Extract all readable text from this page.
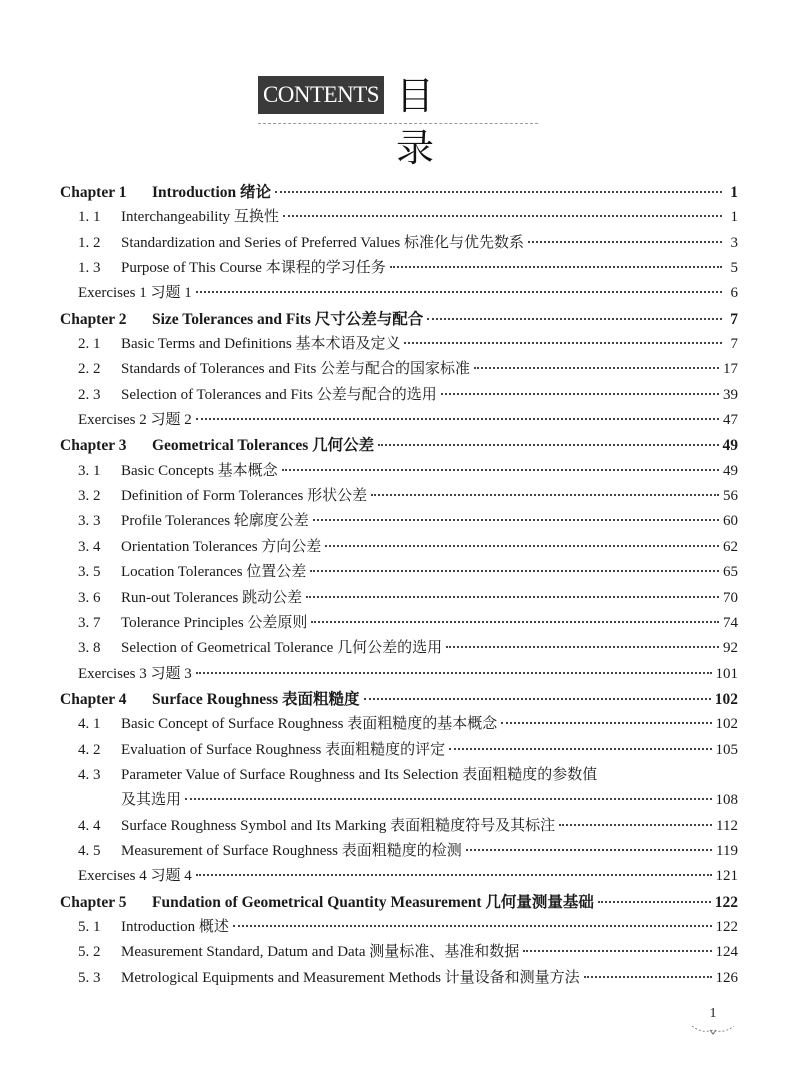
CONTENTS 目录
Chapter 1	Introduction 绪论	1
1. 1	Interchangeability 互换性	1
1. 2	Standardization and Series of Preferred Values 标准化与优先数系	3
1. 3	Purpose of This Course 本课程的学习任务	5
Exercises 1 习题 1	6
Chapter 2	Size Tolerances and Fits 尺寸公差与配合	7
2. 1	Basic Terms and Definitions 基本术语及定义	7
2. 2	Standards of Tolerances and Fits 公差与配合的国家标准	17
2. 3	Selection of Tolerances and Fits 公差与配合的选用	39
Exercises 2 习题 2	47
Chapter 3	Geometrical Tolerances 几何公差	49
3. 1	Basic Concepts 基本概念	49
3. 2	Definition of Form Tolerances 形状公差	56
3. 3	Profile Tolerances 轮廓度公差	60
3. 4	Orientation Tolerances 方向公差	62
3. 5	Location Tolerances 位置公差	65
3. 6	Run-out Tolerances 跳动公差	70
3. 7	Tolerance Principles 公差原则	74
3. 8	Selection of Geometrical Tolerance 几何公差的选用	92
Exercises 3 习题 3	101
Chapter 4	Surface Roughness 表面粗糙度	102
4. 1	Basic Concept of Surface Roughness 表面粗糙度的基本概念	102
4. 2	Evaluation of Surface Roughness 表面粗糙度的评定	105
4. 3	Parameter Value of Surface Roughness and Its Selection 表面粗糙度的参数值
及其选用	108
4. 4	Surface Roughness Symbol and Its Marking 表面粗糙度符号及其标注	112
4. 5	Measurement of Surface Roughness 表面粗糙度的检测	119
Exercises 4 习题 4	121
Chapter 5	Fundation of Geometrical Quantity Measurement 几何量测量基础	122
5. 1	Introduction 概述	122
5. 2	Measurement Standard, Datum and Data 测量标准、基准和数据	124
5. 3	Metrological Equipments and Measurement Methods 计量设备和测量方法	126
1
